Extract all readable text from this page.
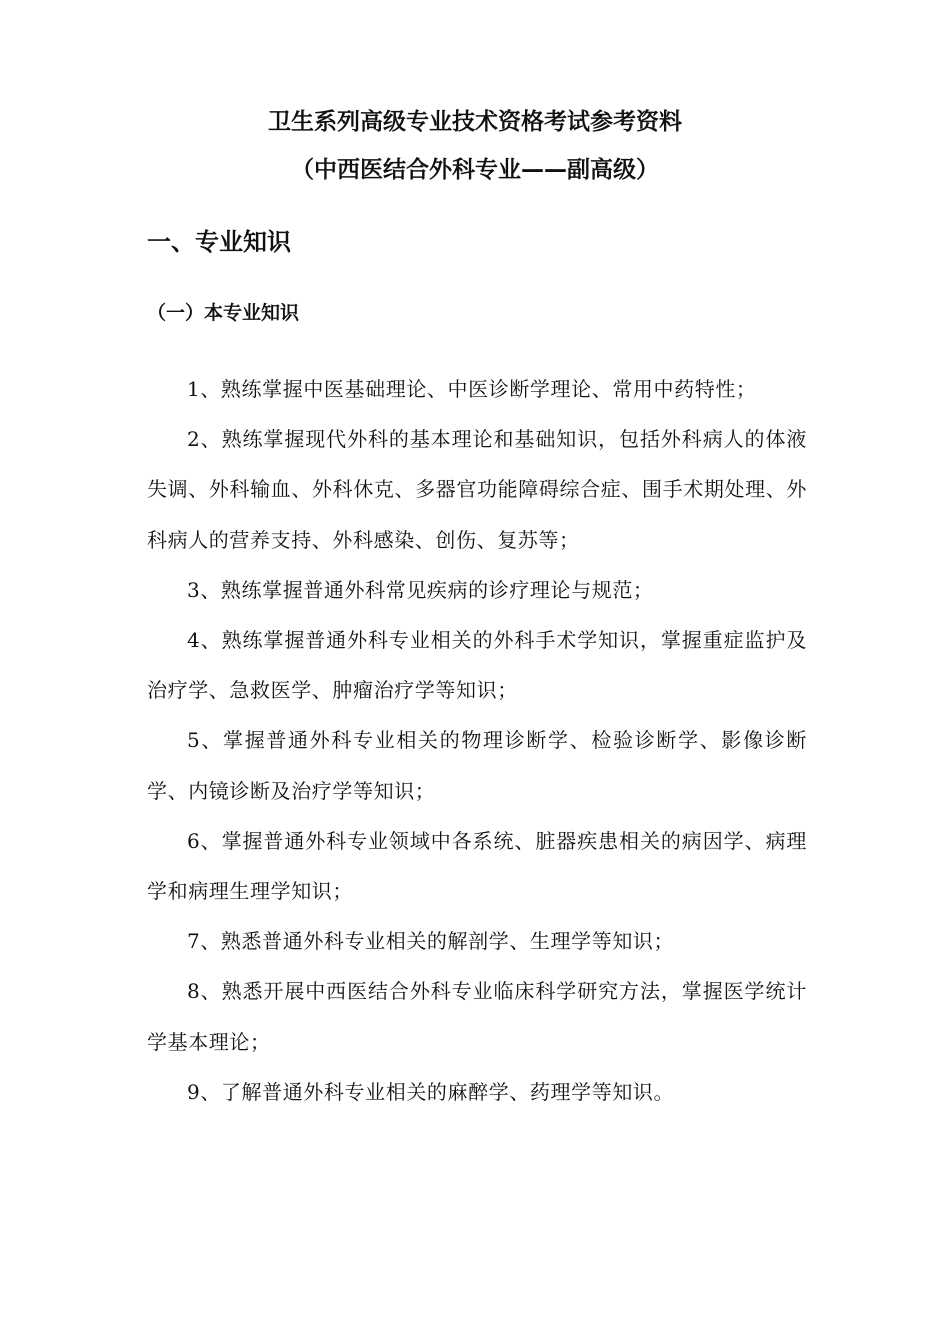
卫生系列高级专业技术资格考试参考资料
（中西医结合外科专业——副高级）
一、专业知识
（一）本专业知识
1、熟练掌握中医基础理论、中医诊断学理论、常用中药特性；
2、熟练掌握现代外科的基本理论和基础知识，包括外科病人的体液失调、外科输血、外科休克、多器官功能障碍综合症、围手术期处理、外科病人的营养支持、外科感染、创伤、复苏等；
3、熟练掌握普通外科常见疾病的诊疗理论与规范；
4、熟练掌握普通外科专业相关的外科手术学知识，掌握重症监护及治疗学、急救医学、肿瘤治疗学等知识；
5、掌握普通外科专业相关的物理诊断学、检验诊断学、影像诊断学、内镜诊断及治疗学等知识；
6、掌握普通外科专业领域中各系统、脏器疾患相关的病因学、病理学和病理生理学知识；
7、熟悉普通外科专业相关的解剖学、生理学等知识；
8、熟悉开展中西医结合外科专业临床科学研究方法，掌握医学统计学基本理论；
9、了解普通外科专业相关的麻醉学、药理学等知识。
